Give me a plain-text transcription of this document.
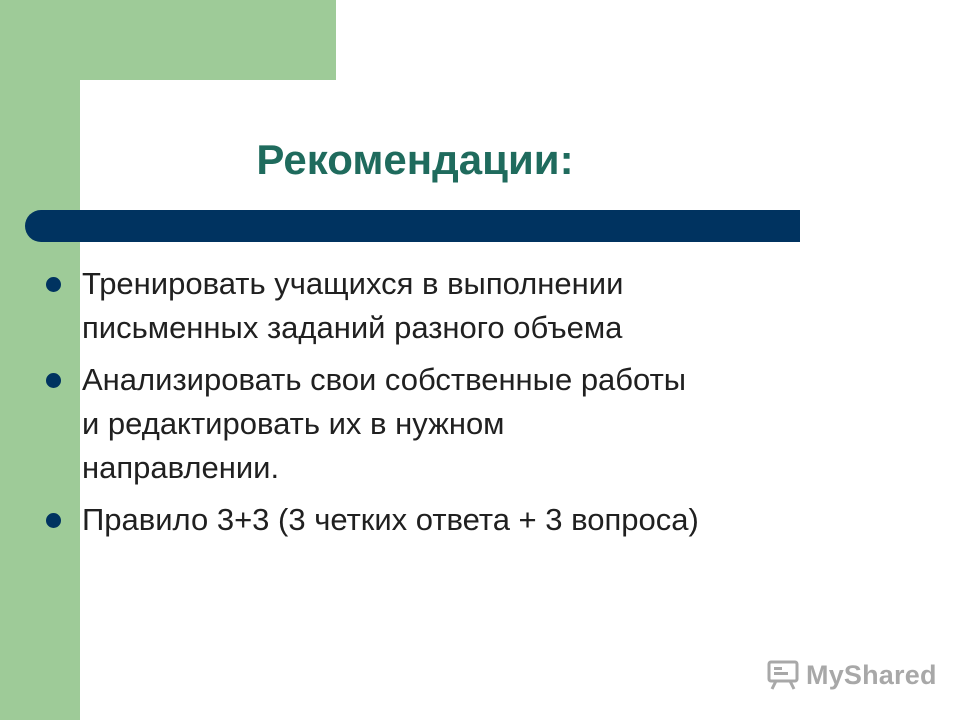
Рекомендации:
Тренировать учащихся в выполнении
письменных заданий разного объема
Анализировать свои собственные работы
и редактировать их в нужном
направлении.
Правило 3+3 (3 четких ответа + 3 вопроса)
MyShared
